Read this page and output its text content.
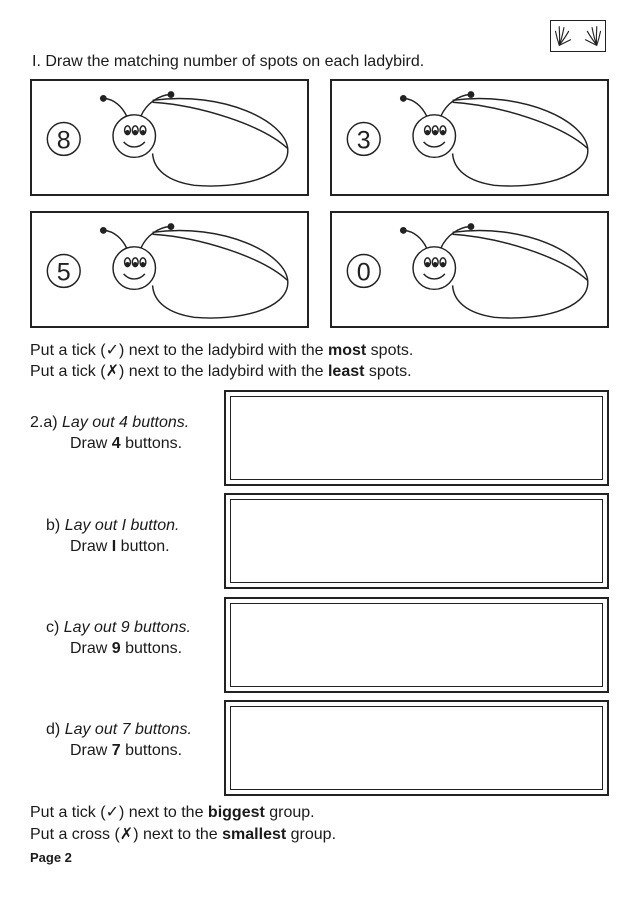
I. Draw the matching number of spots on each ladybird.
8	3
5	0
Put a tick (✓) next to the ladybird with the most spots.
Put a tick (✗) next to the ladybird with the least spots.
2.a) Lay out 4 buttons.
Draw 4 buttons.
b) Lay out I button.
Draw I button.
c) Lay out 9 buttons.
Draw 9 buttons.
d) Lay out 7 buttons.
Draw 7 buttons.
Put a tick (✓) next to the biggest group.
Put a cross (✗) next to the smallest group.
Page 2
